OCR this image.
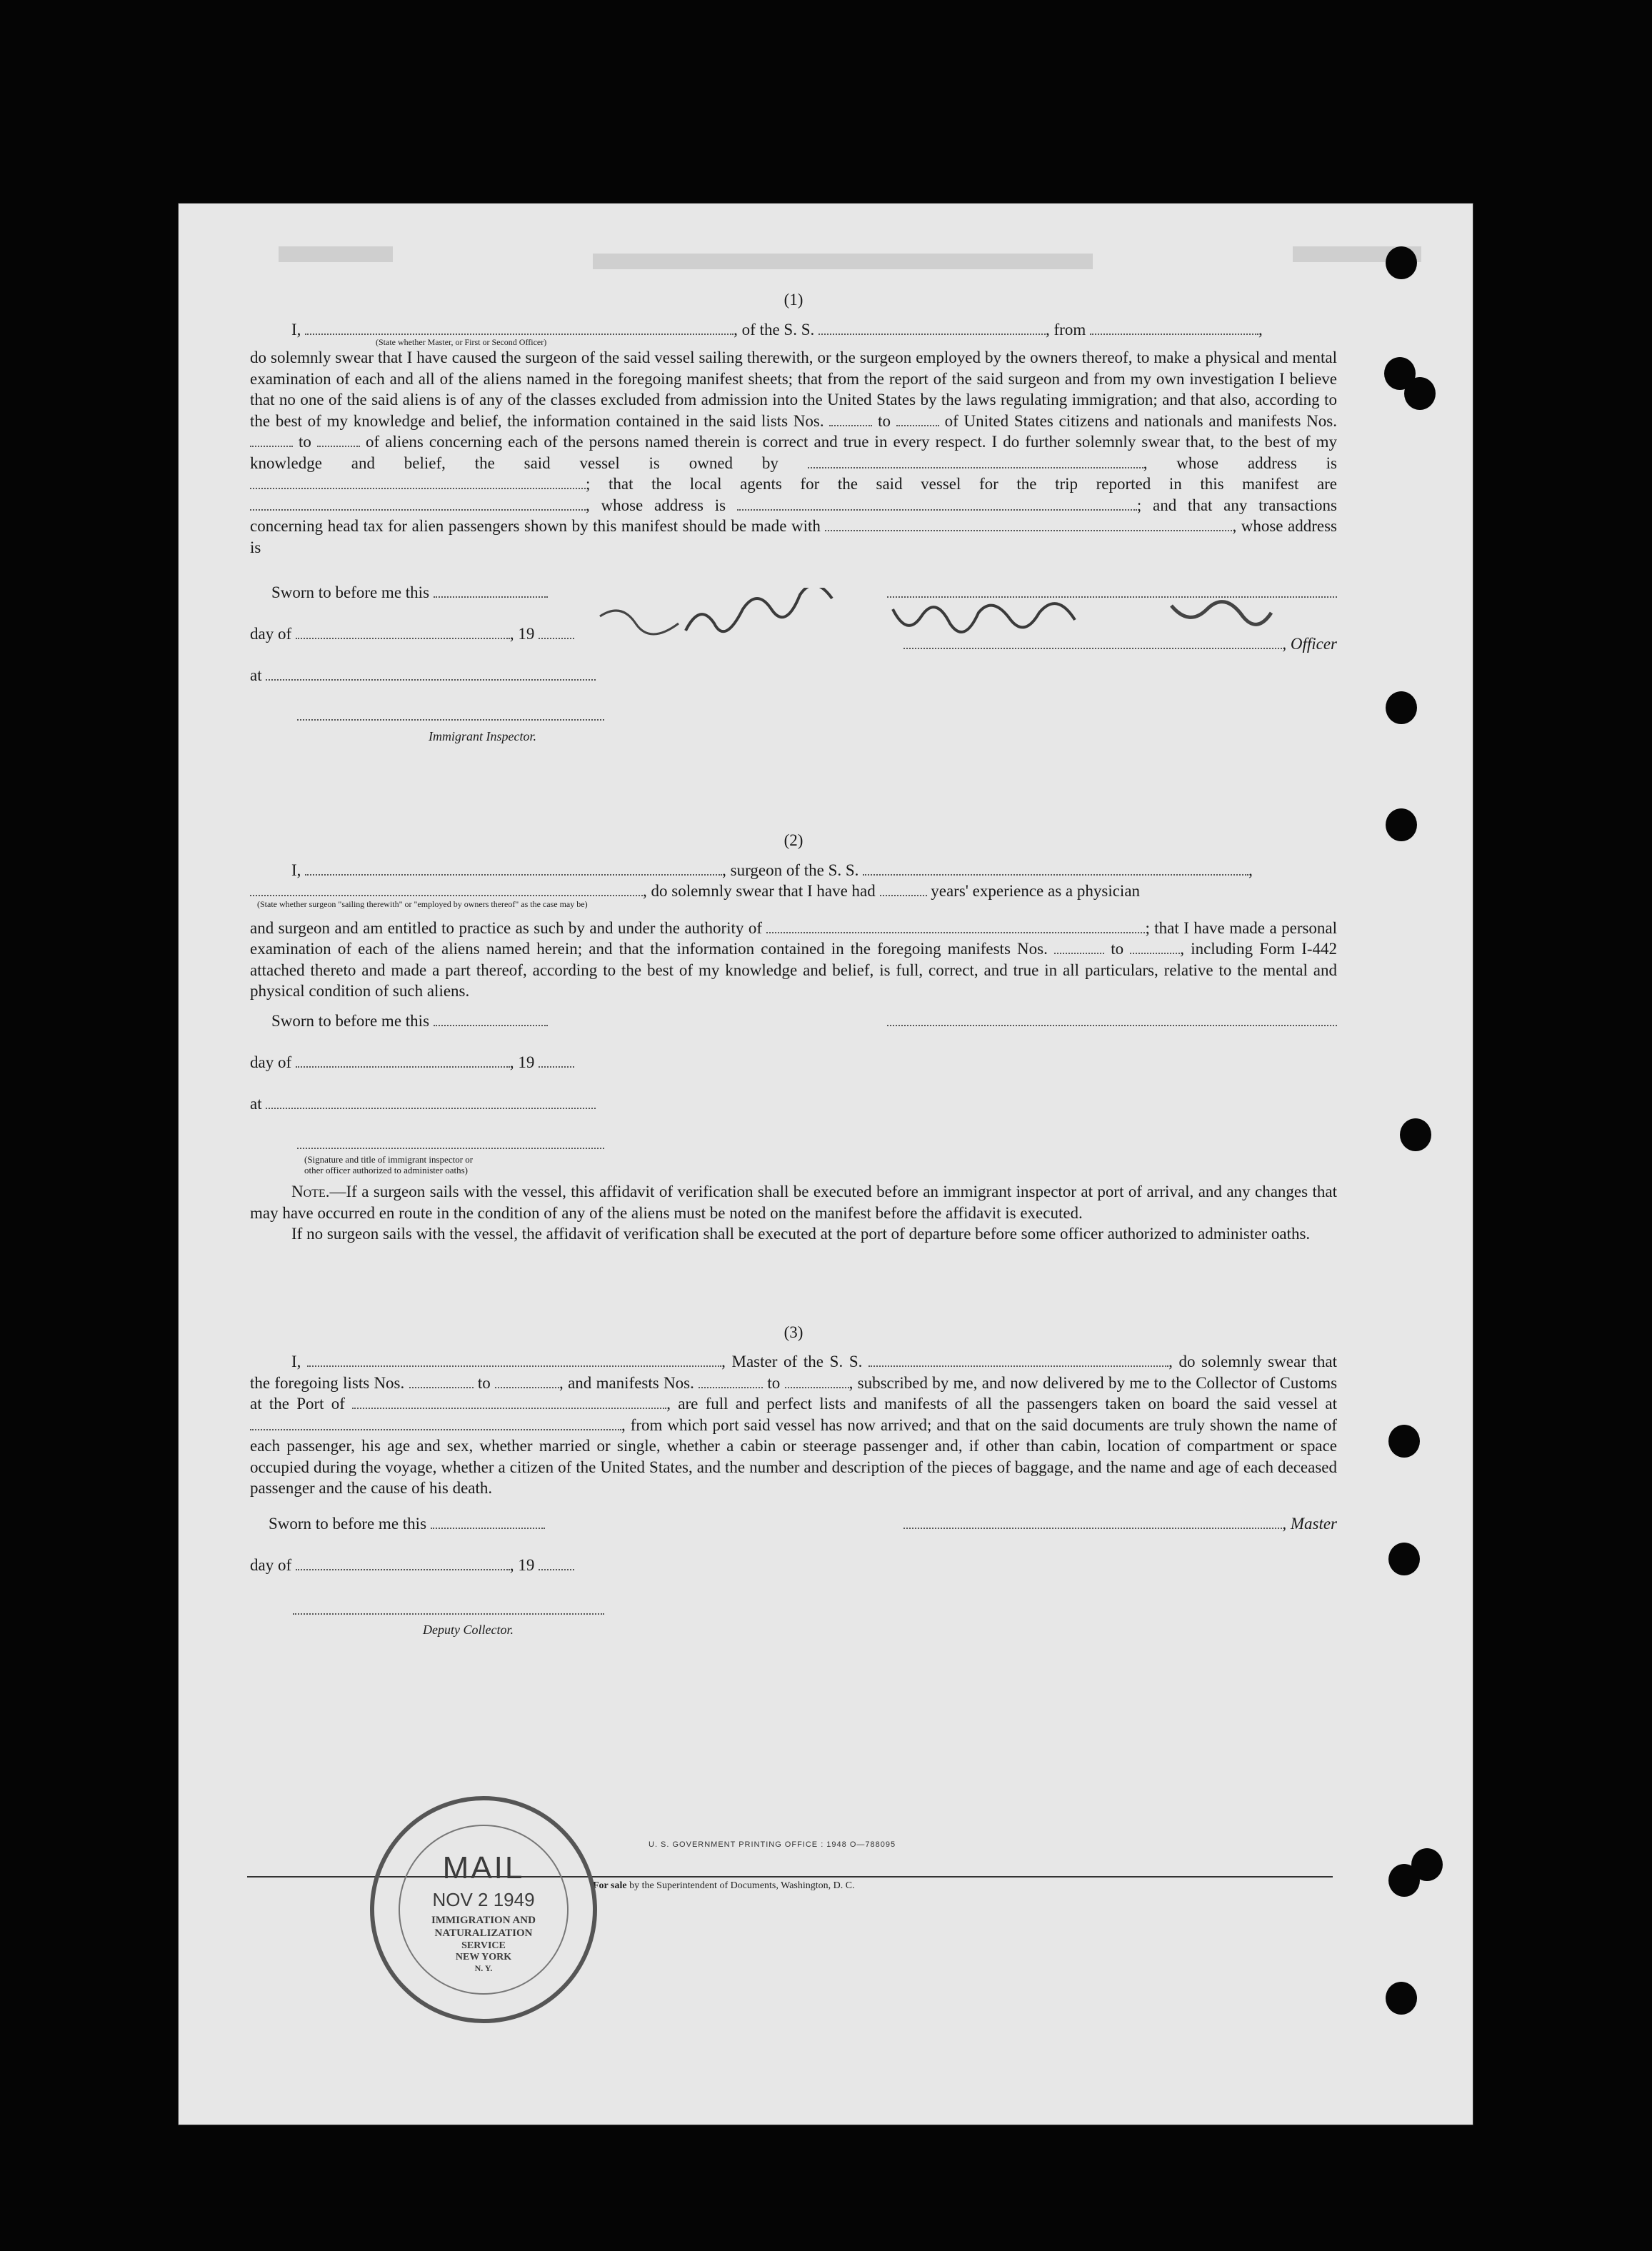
(1)

I,	, of the S. S.	, from	,

(State whether Master, or First or Second Officer)

do solemnly swear that I have caused the surgeon of the said vessel sailing therewith, or the surgeon employed by the owners thereof, to make a physical and mental examination of each and all of the aliens named in the foregoing manifest sheets; that from the report of the said surgeon and from my own investigation I believe that no one of the said aliens is of any of the classes excluded from admission into the United States by the laws regulating immigration; and that also, according to the best of my knowledge and belief, the information contained in the said lists Nos.	to	of United States citizens and nationals and manifests Nos.  to	of aliens concerning each of the persons named therein is correct and true in every respect. I do further solemnly swear that, to the best of my knowledge and belief, the said vessel is owned by	, whose address is ; that the local agents for the said vessel for the trip reported in this manifest are , whose address is	; and that any transactions concerning head tax for alien passengers shown by this manifest should be made with	, whose address is

Sworn to before me this
day of	, 19
, Officer
at
Immigrant Inspector.
(2)

I,	, surgeon of the S. S.	,

, do solemnly swear that I have had	years' experience as a physician

(State whether surgeon "sailing therewith" or "employed by owners thereof" as the case may be)

and surgeon and am entitled to practice as such by and under the authority of	; that I have made a personal examination of each of the aliens named herein; and that the information contained in the foregoing manifests Nos.	to	, including Form I-442 attached thereto and made a part thereof, according to the best of my knowledge and belief, is full, correct, and true in all particulars, relative to the mental and physical condition of such aliens.

Sworn to before me this
day of	, 19
at
(Signature and title of immigrant inspector or
other officer authorized to administer oaths)

Note.—If a surgeon sails with the vessel, this affidavit of verification shall be executed before an immigrant inspector at port of arrival, and any changes that may have occurred en route in the condition of any of the aliens must be noted on the manifest before the affidavit is executed.

If no surgeon sails with the vessel, the affidavit of verification shall be executed at the port of departure before some officer authorized to administer oaths.

(3)

I,	, Master of the S. S.	, do solemnly swear that the foregoing lists Nos.	to	, and manifests Nos.	to	, subscribed by me, and now delivered by me to the Collector of Customs at the Port of	, are full and perfect lists and manifests of all the passengers taken on board the said vessel at , from which port said vessel has now arrived; and that on the said documents are truly shown the name of each passenger, his age and sex, whether married or single, whether a cabin or steerage passenger and, if other than cabin, location of compartment or space occupied during the voyage, whether a citizen of the United States, and the number and description of the pieces of baggage, and the name and age of each deceased passenger and the cause of his death.

Sworn to before me this	, Master
day of	, 19
Deputy Collector.
U. S. GOVERNMENT PRINTING OFFICE : 1948 O—788095
For sale by the Superintendent of Documents, Washington, D. C.
MAIL
NOV 2 1949
IMMIGRATION AND
NATURALIZATION
SERVICE
NEW YORK
N. Y.
